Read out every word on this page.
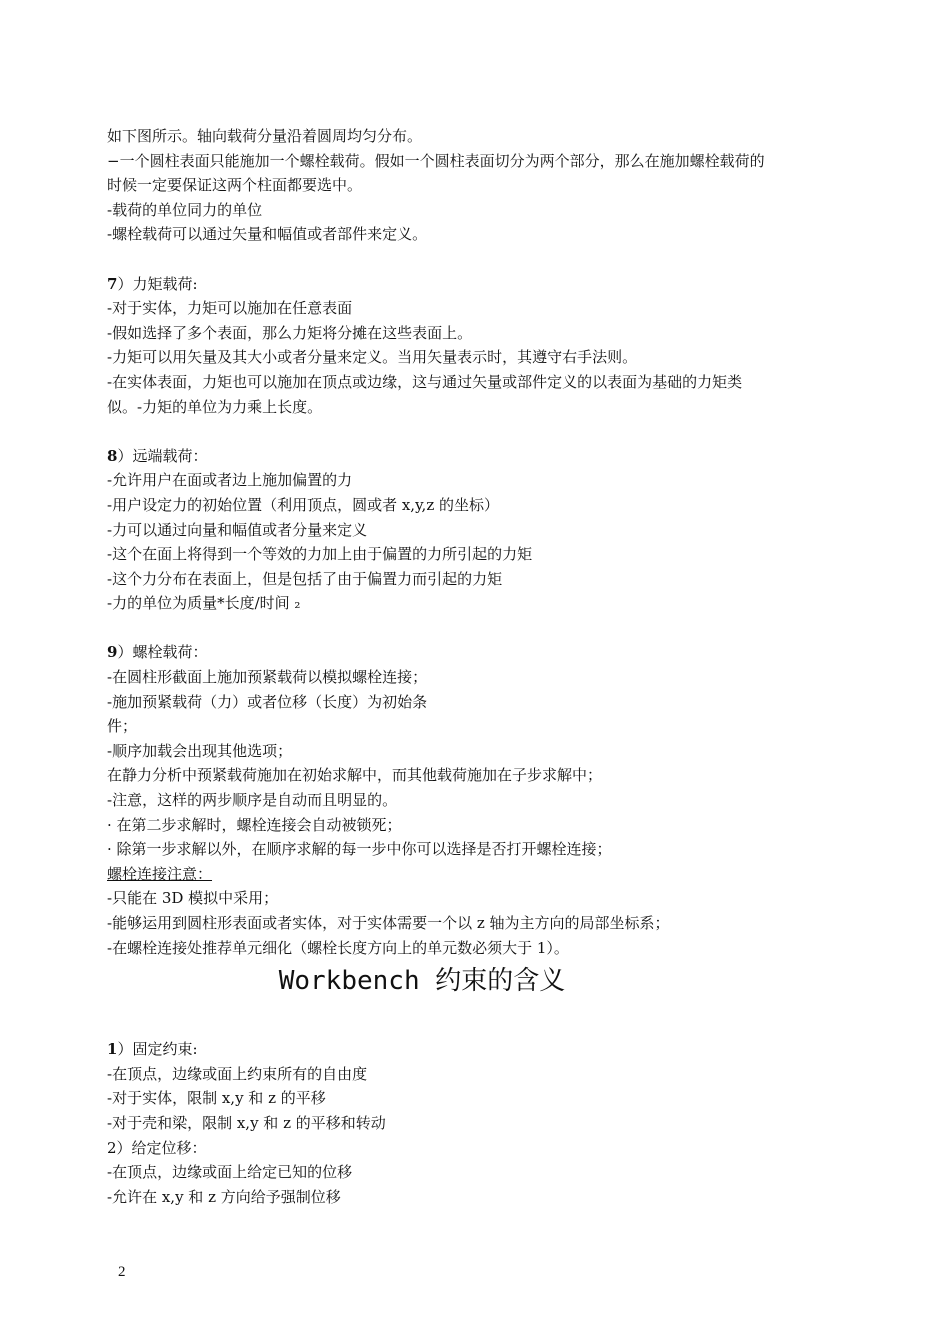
如下图所示。轴向载荷分量沿着圆周均匀分布。

−一个圆柱表面只能施加一个螺栓载荷。假如一个圆柱表面切分为两个部分，那么在施加螺栓载荷的

时候一定要保证这两个柱面都要选中。

-载荷的单位同力的单位

-螺栓载荷可以通过矢量和幅值或者部件来定义。

7）力矩载荷:

-对于实体，力矩可以施加在任意表面

-假如选择了多个表面，那么力矩将分摊在这些表面上。

-力矩可以用矢量及其大小或者分量来定义。当用矢量表示时，其遵守右手法则。

-在实体表面，力矩也可以施加在顶点或边缘，这与通过矢量或部件定义的以表面为基础的力矩类

似。-力矩的单位为力乘上长度。

8）远端载荷：

-允许用户在面或者边上施加偏置的力

-用户设定力的初始位置（利用顶点，圆或者 x,y,z 的坐标）

-力可以通过向量和幅值或者分量来定义

-这个在面上将得到一个等效的力加上由于偏置的力所引起的力矩

-这个力分布在表面上，但是包括了由于偏置力而引起的力矩

-力的单位为质量*长度/时间 ₂

9）螺栓载荷：

-在圆柱形截面上施加预紧载荷以模拟螺栓连接；

-施加预紧载荷（力）或者位移（长度）为初始条

件；

-顺序加载会出现其他选项；

在静力分析中预紧载荷施加在初始求解中，而其他载荷施加在子步求解中；

-注意，这样的两步顺序是自动而且明显的。

· 在第二步求解时，螺栓连接会自动被锁死；

· 除第一步求解以外，在顺序求解的每一步中你可以选择是否打开螺栓连接；

螺栓连接注意：

-只能在 3D 模拟中采用；

-能够运用到圆柱形表面或者实体，对于实体需要一个以 z 轴为主方向的局部坐标系；

-在螺栓连接处推荐单元细化（螺栓长度方向上的单元数必须大于 1）。

Workbench 约束的含义

1）固定约束:

-在顶点，边缘或面上约束所有的自由度

-对于实体，限制 x,y 和 z 的平移

-对于壳和梁，限制 x,y 和 z 的平移和转动

2）给定位移：

-在顶点，边缘或面上给定已知的位移

-允许在 x,y 和 z 方向给予强制位移

2
